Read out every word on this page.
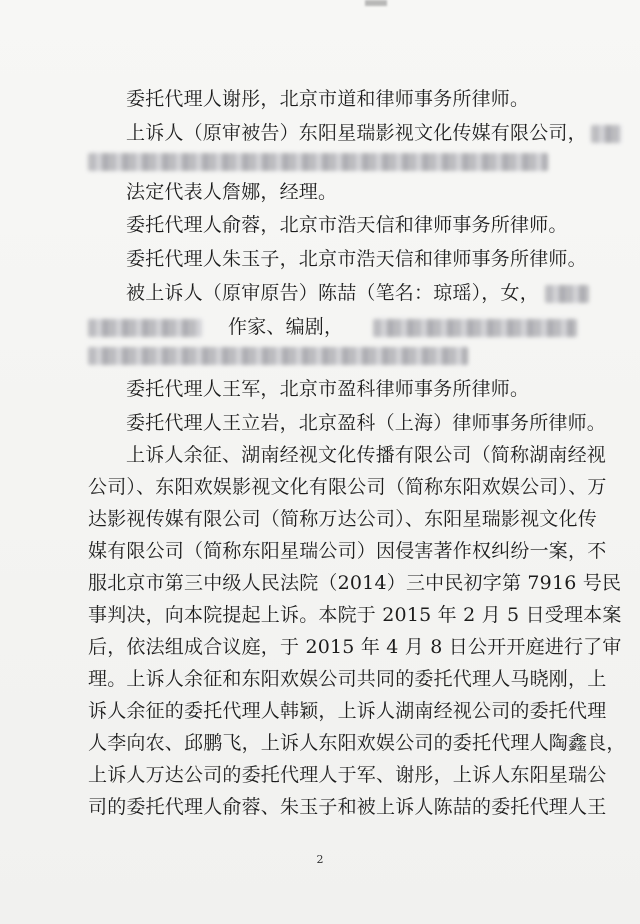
委托代理人谢彤，北京市道和律师事务所律师。
上诉人（原审被告）东阳星瑞影视文化传媒有限公司，
法定代表人詹娜，经理。
委托代理人俞蓉，北京市浩天信和律师事务所律师。
委托代理人朱玉子，北京市浩天信和律师事务所律师。
被上诉人（原审原告）陈喆（笔名：琼瑶），女，
作家、编剧，
委托代理人王军，北京市盈科律师事务所律师。
委托代理人王立岩，北京盈科（上海）律师事务所律师。
上诉人余征、湖南经视文化传播有限公司（简称湖南经视
公司）、东阳欢娱影视文化有限公司（简称东阳欢娱公司）、万
达影视传媒有限公司（简称万达公司）、东阳星瑞影视文化传
媒有限公司（简称东阳星瑞公司）因侵害著作权纠纷一案，不
服北京市第三中级人民法院（2014）三中民初字第 7916 号民
事判决，向本院提起上诉。本院于 2015 年 2 月 5 日受理本案
后，依法组成合议庭，于 2015 年 4 月 8 日公开开庭进行了审
理。上诉人余征和东阳欢娱公司共同的委托代理人马晓刚，上
诉人余征的委托代理人韩颖，上诉人湖南经视公司的委托代理
人李向农、邱鹏飞，上诉人东阳欢娱公司的委托代理人陶鑫良，
上诉人万达公司的委托代理人于军、谢彤，上诉人东阳星瑞公
司的委托代理人俞蓉、朱玉子和被上诉人陈喆的委托代理人王
2
